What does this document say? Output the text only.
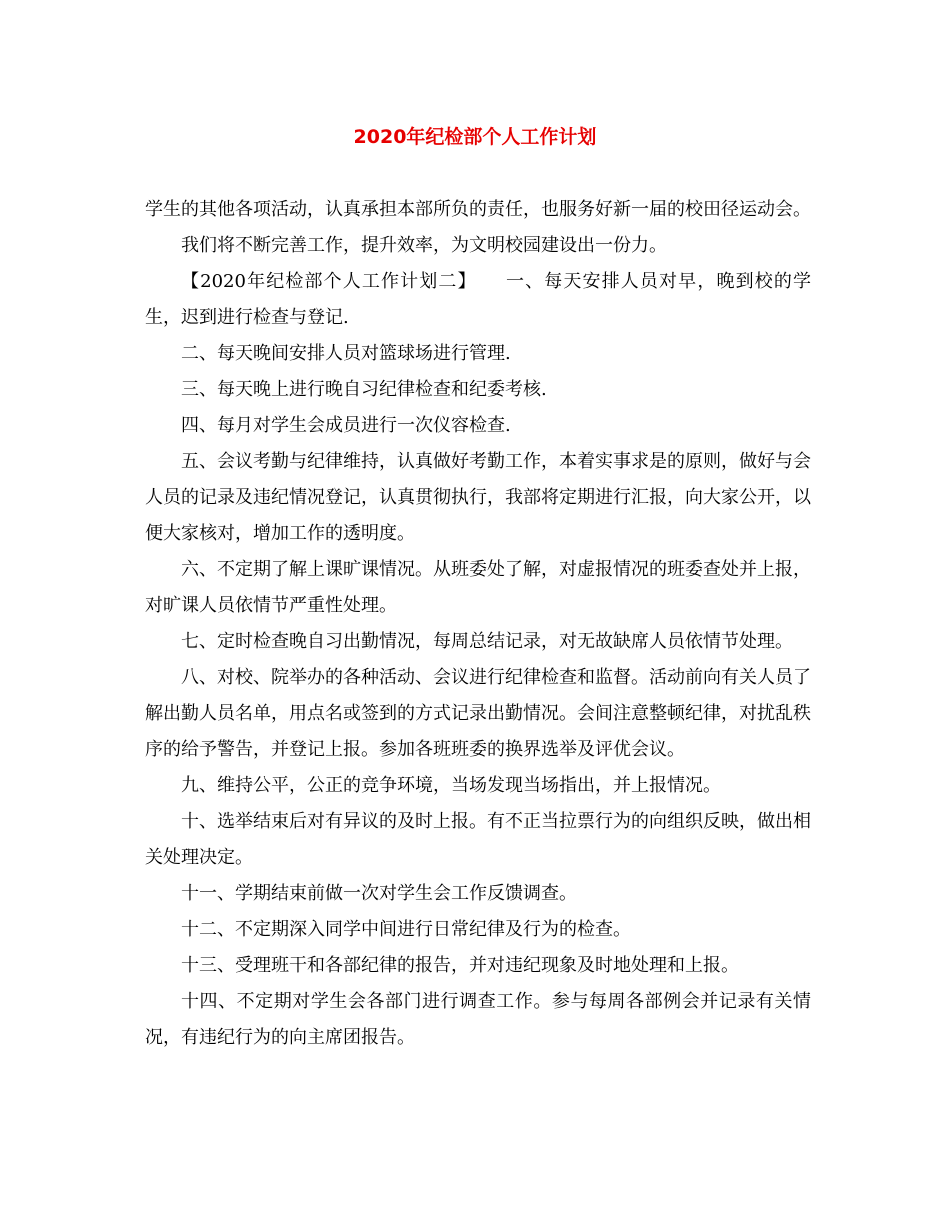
2020年纪检部个人工作计划

学生的其他各项活动，认真承担本部所负的责任，也服务好新一届的校田径运动会。

我们将不断完善工作，提升效率，为文明校园建设出一份力。

【2020年纪检部个人工作计划二】　　一、每天安排人员对早，晚到校的学生，迟到进行检查与登记.

二、每天晚间安排人员对篮球场进行管理.

三、每天晚上进行晚自习纪律检查和纪委考核.

四、每月对学生会成员进行一次仪容检查.

五、会议考勤与纪律维持，认真做好考勤工作，本着实事求是的原则，做好与会人员的记录及违纪情况登记，认真贯彻执行，我部将定期进行汇报，向大家公开，以便大家核对，增加工作的透明度。

六、不定期了解上课旷课情况。从班委处了解，对虚报情况的班委查处并上报，对旷课人员依情节严重性处理。

七、定时检查晚自习出勤情况，每周总结记录，对无故缺席人员依情节处理。

八、对校、院举办的各种活动、会议进行纪律检查和监督。活动前向有关人员了解出勤人员名单，用点名或签到的方式记录出勤情况。会间注意整顿纪律，对扰乱秩序的给予警告，并登记上报。参加各班班委的换界选举及评优会议。

九、维持公平，公正的竞争环境，当场发现当场指出，并上报情况。

十、选举结束后对有异议的及时上报。有不正当拉票行为的向组织反映，做出相关处理决定。

十一、学期结束前做一次对学生会工作反馈调查。

十二、不定期深入同学中间进行日常纪律及行为的检查。

十三、受理班干和各部纪律的报告，并对违纪现象及时地处理和上报。

十四、不定期对学生会各部门进行调查工作。参与每周各部例会并记录有关情况，有违纪行为的向主席团报告。
